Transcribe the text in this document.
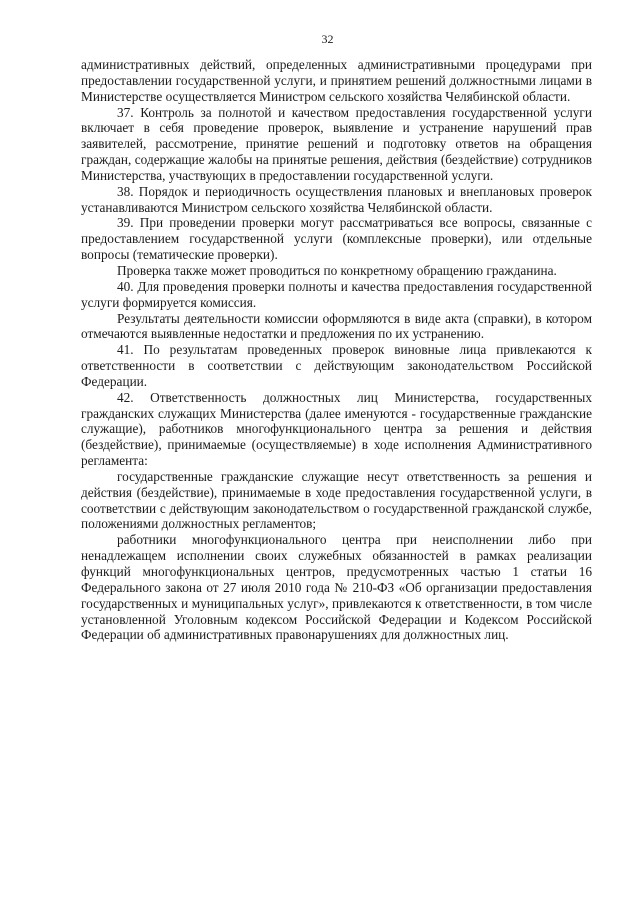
32

административных действий, определенных административными процедурами при предоставлении государственной услуги, и принятием решений должностными лицами в Министерстве осуществляется Министром сельского хозяйства Челябинской области.

37. Контроль за полнотой и качеством предоставления государственной услуги включает в себя проведение проверок, выявление и устранение нарушений прав заявителей, рассмотрение, принятие решений и подготовку ответов на обращения граждан, содержащие жалобы на принятые решения, действия (бездействие) сотрудников Министерства, участвующих в предоставлении государственной услуги.

38. Порядок и периодичность осуществления плановых и внеплановых проверок устанавливаются Министром сельского хозяйства Челябинской области.

39. При проведении проверки могут рассматриваться все вопросы, связанные с предоставлением государственной услуги (комплексные проверки), или отдельные вопросы (тематические проверки).

Проверка также может проводиться по конкретному обращению гражданина.

40. Для проведения проверки полноты и качества предоставления государственной услуги формируется комиссия.

Результаты деятельности комиссии оформляются в виде акта (справки), в котором отмечаются выявленные недостатки и предложения по их устранению.

41. По результатам проведенных проверок виновные лица привлекаются к ответственности в соответствии с действующим законодательством Российской Федерации.

42. Ответственность должностных лиц Министерства, государственных гражданских служащих Министерства (далее именуются - государственные гражданские служащие), работников многофункционального центра за решения и действия (бездействие), принимаемые (осуществляемые) в ходе исполнения Административного регламента:

государственные гражданские служащие несут ответственность за решения и действия (бездействие), принимаемые в ходе предоставления государственной услуги, в соответствии с действующим законодательством о государственной гражданской службе, положениями должностных регламентов;

работники многофункционального центра при неисполнении либо при ненадлежащем исполнении своих служебных обязанностей в рамках реализации функций многофункциональных центров, предусмотренных частью 1 статьи 16 Федерального закона от 27 июля 2010 года № 210-ФЗ «Об организации предоставления государственных и муниципальных услуг», привлекаются к ответственности, в том числе установленной Уголовным кодексом Российской Федерации и Кодексом Российской Федерации об административных правонарушениях для должностных лиц.
